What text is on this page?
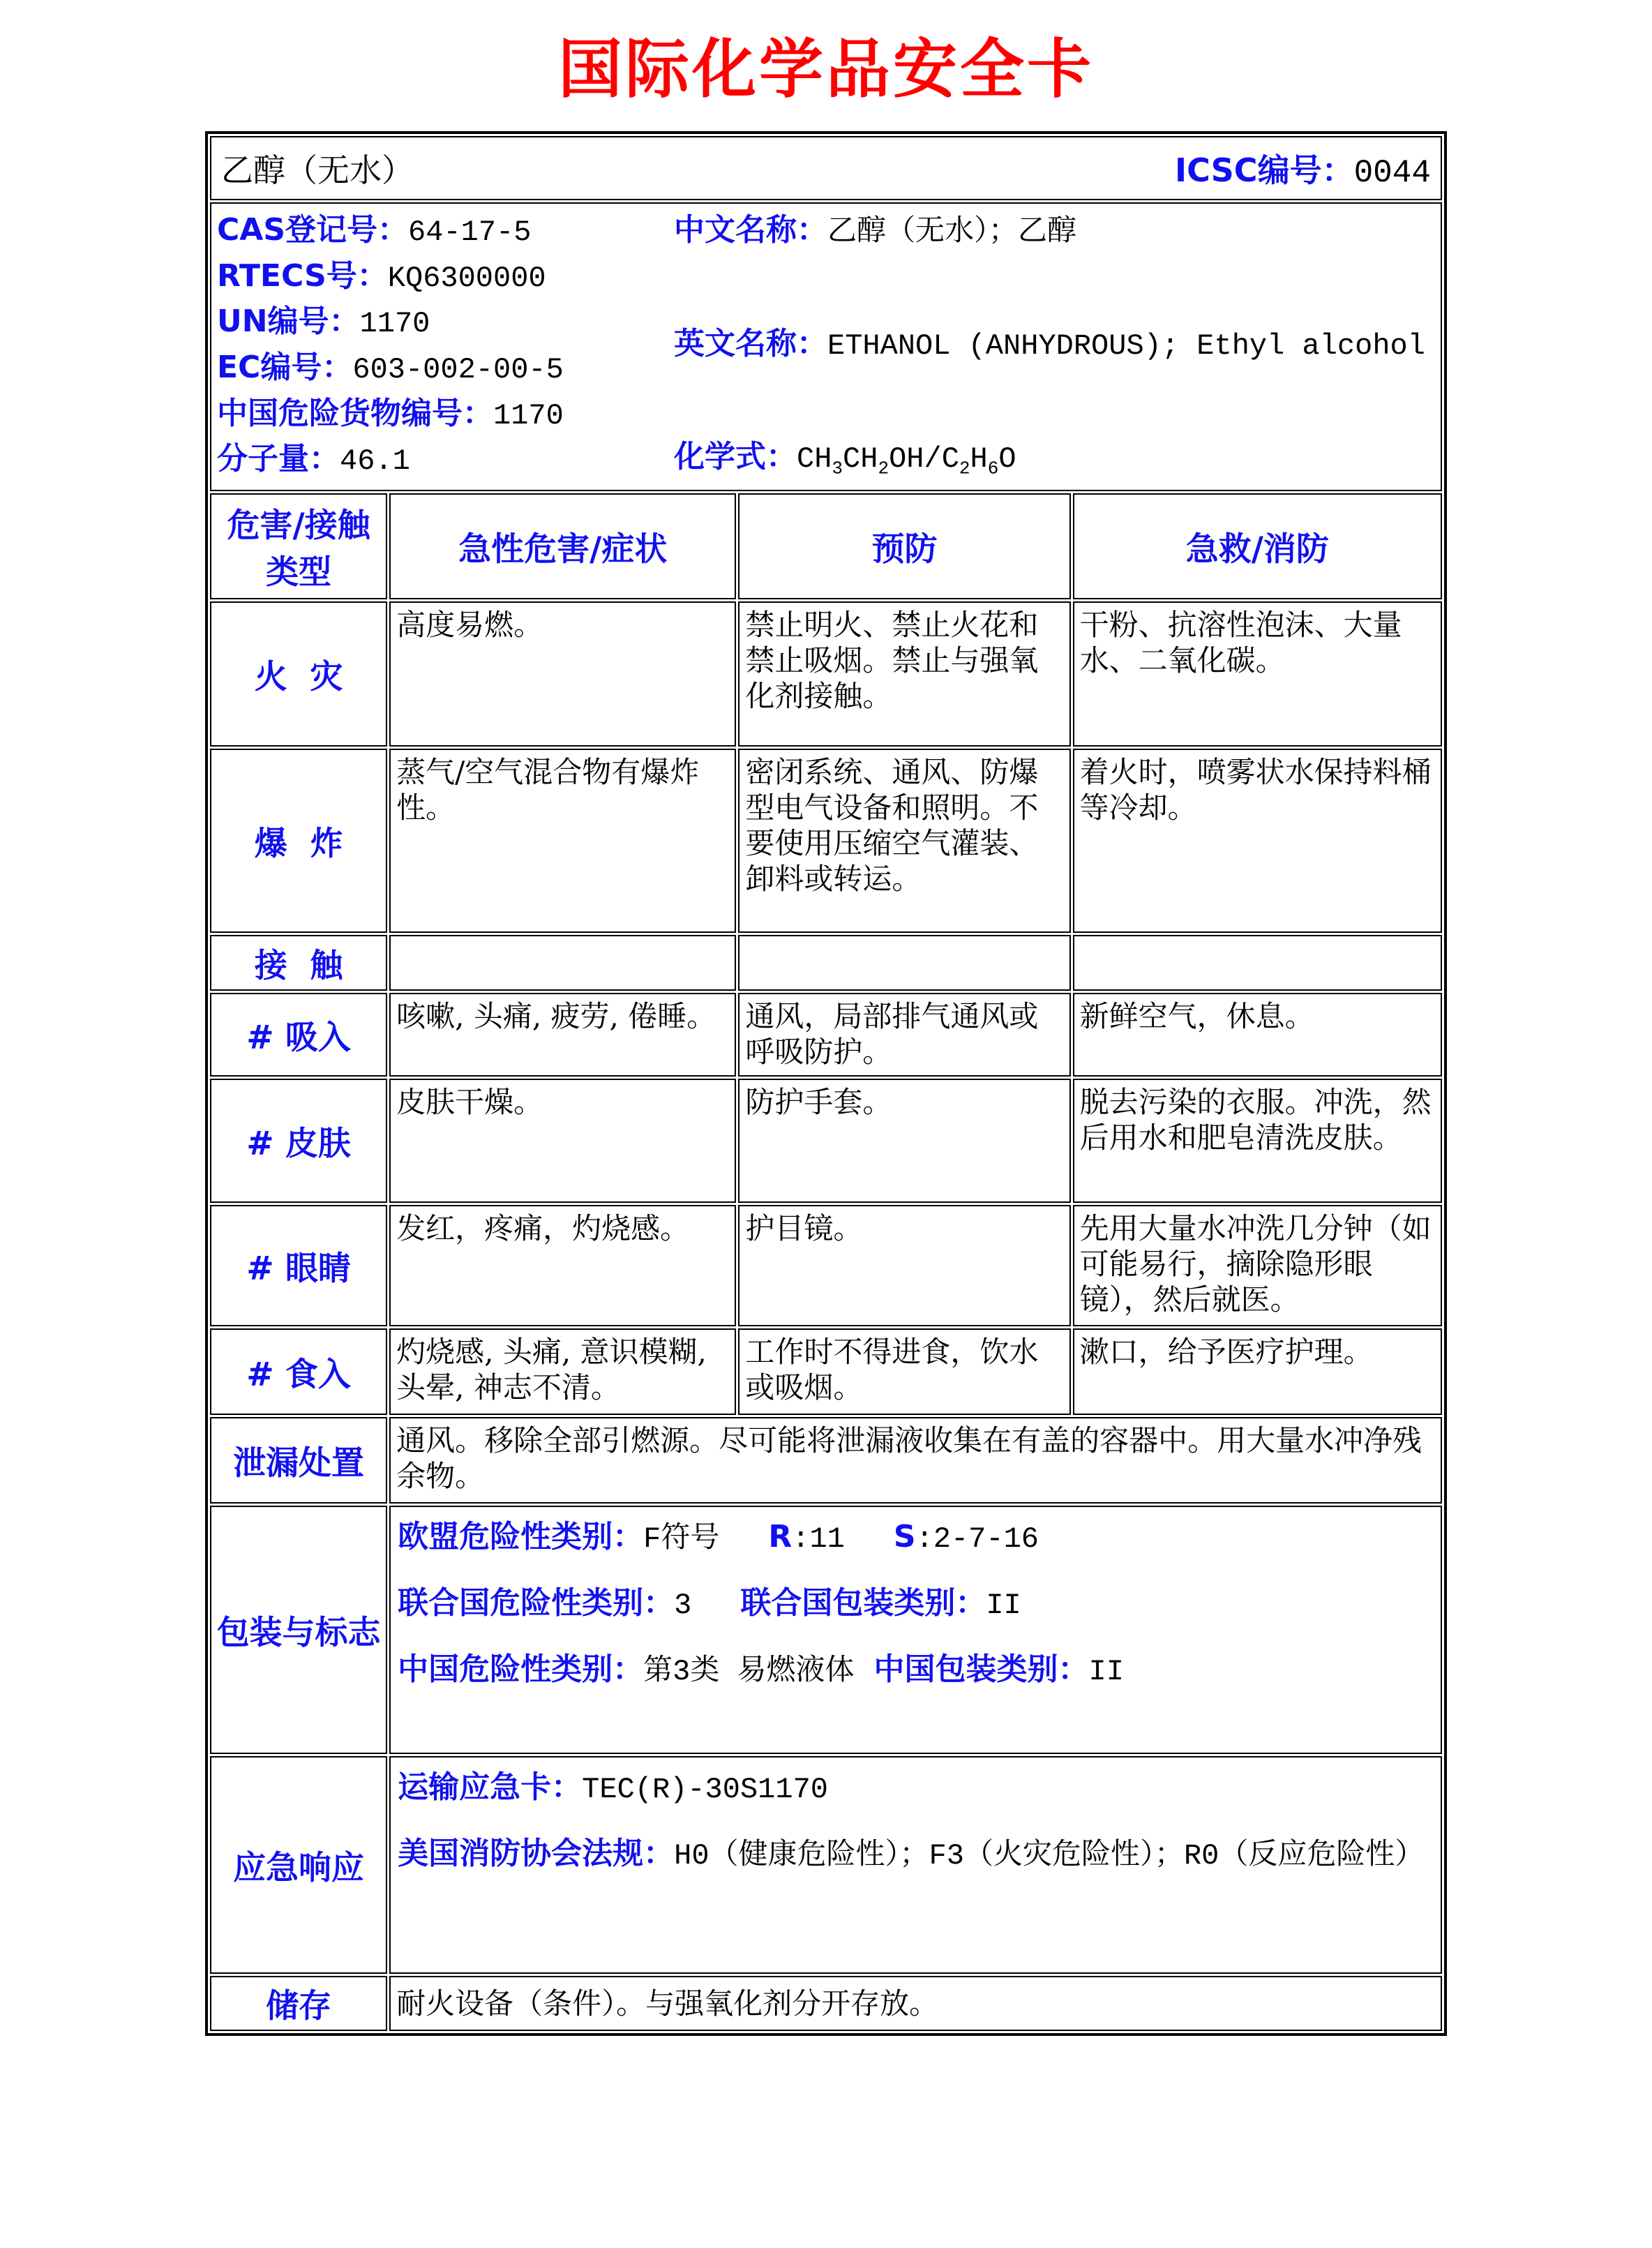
国际化学品安全卡
乙醇（无水） ICSC编号：0044			

CAS登记号：64-17-5
RTECS号：KQ6300000
UN编号：1170
EC编号：603-002-00-5
中国危险货物编号：1170
分子量：46.1
中文名称：乙醇（无水）；乙醇
英文名称：ETHANOL (ANHYDROUS); Ethyl alcohol
化学式：$CH_3CH_2OH/C_2H_6O$

危害/接触类型	急性危害/症状	预防	急救/消防
火  灾	高度易燃。	禁止明火、禁止火花和禁止吸烟。禁止与强氧化剂接触。	干粉、抗溶性泡沫、大量水、二氧化碳。
爆  炸	蒸气/空气混合物有爆炸性。	密闭系统、通风、防爆型电气设备和照明。不要使用压缩空气灌装、卸料或转运。	着火时，喷雾状水保持料桶等冷却。
接  触			
# 吸入	咳嗽, 头痛, 疲劳, 倦睡。	通风，局部排气通风或呼吸防护。	新鲜空气，休息。
# 皮肤	皮肤干燥。	防护手套。	脱去污染的衣服。冲洗，然后用水和肥皂清洗皮肤。
# 眼睛	发红，疼痛，灼烧感。	护目镜。	先用大量水冲洗几分钟（如可能易行，摘除隐形眼镜），然后就医。
# 食入	灼烧感, 头痛, 意识模糊, 头晕, 神志不清。	工作时不得进食，饮水或吸烟。	漱口，给予医疗护理。
泄漏处置	通风。移除全部引燃源。尽可能将泄漏液收集在有盖的容器中。用大量水冲净残余物。		
包装与标志	欧盟危险性类别：F符号 R:11 S:2-7-16
联合国危险性类别：3 联合国包装类别：II
中国危险性类别：第3类 易燃液体 中国包装类别：II		

应急响应	运输应急卡：TEC(R)-30S1170
美国消防协会法规：H0（健康危险性）；F3（火灾危险性）；R0（反应危险性）		

储存	耐火设备（条件）。与强氧化剂分开存放。		
